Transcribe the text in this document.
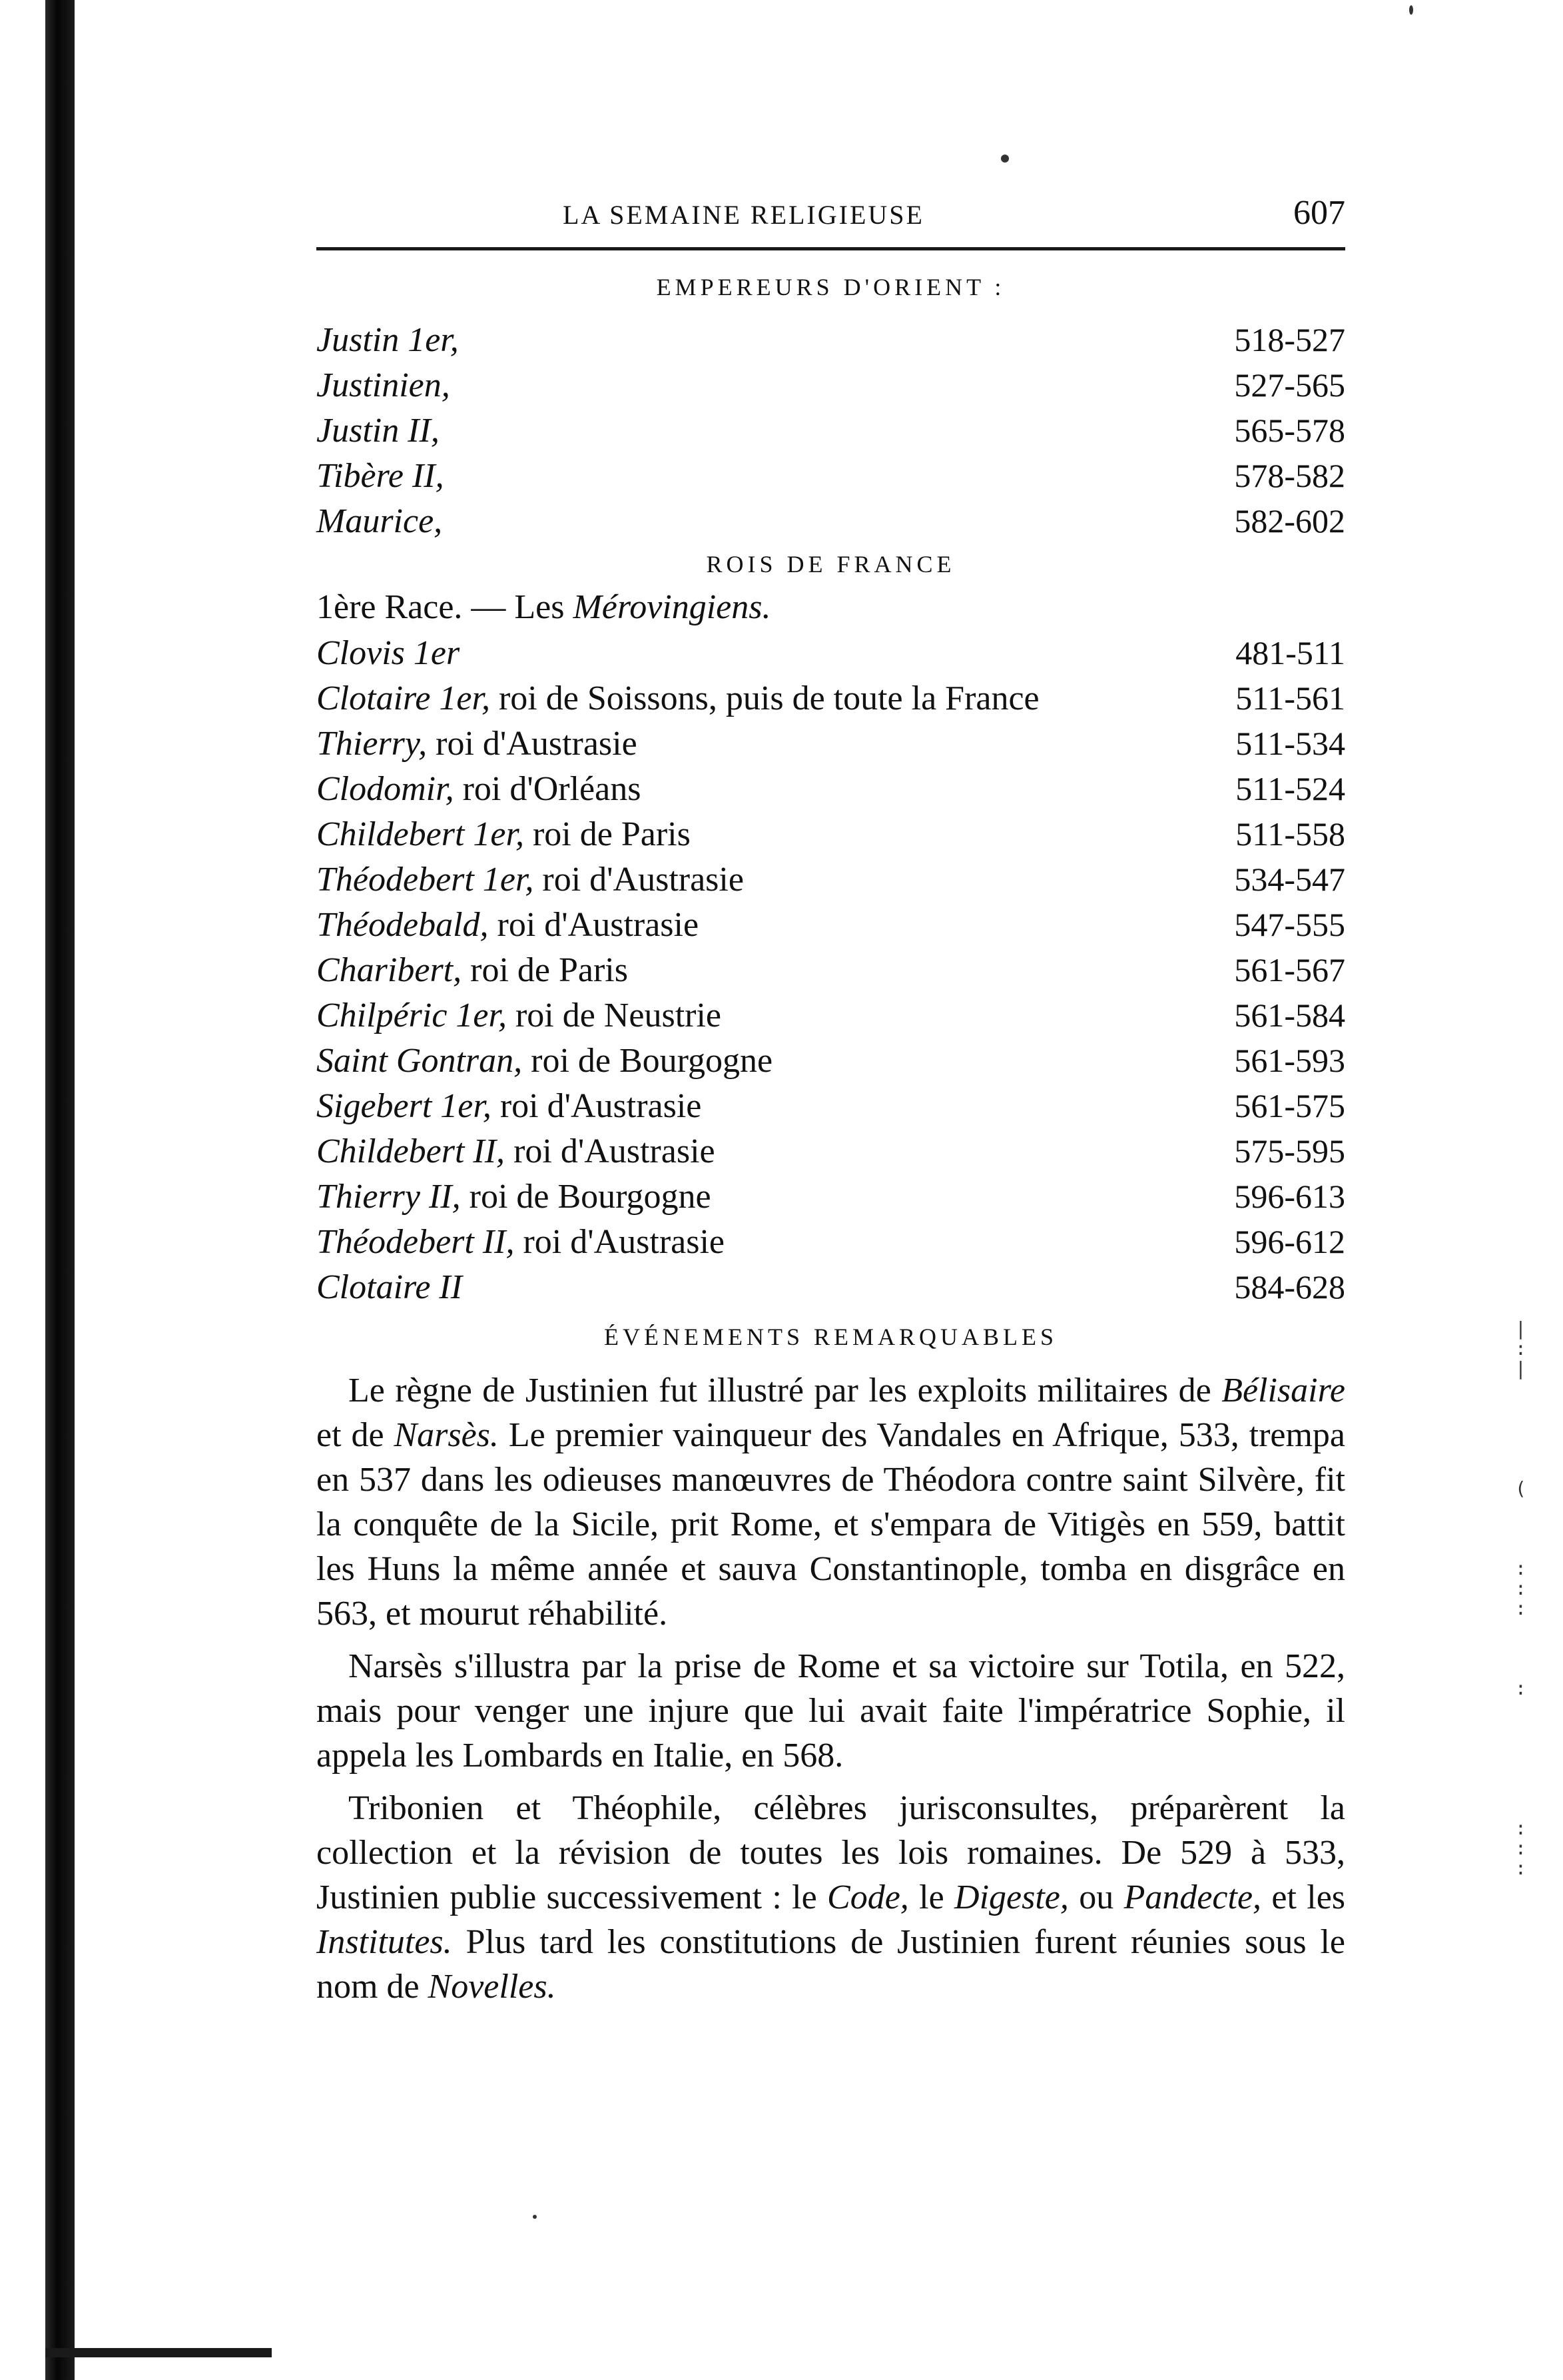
|
:
|

(

:
:
:

:

:
:
:
LA SEMAINE RELIGIEUSE	607
EMPEREURS D'ORIENT :
Justin 1er,	518-527
Justinien,	527-565
Justin II,	565-578
Tibère II,	578-582
Maurice,	582-602
ROIS DE FRANCE
1ère Race. — Les Mérovingiens.
Clovis 1er	481-511
Clotaire 1er, roi de Soissons, puis de toute la France	511-561
Thierry, roi d'Austrasie	511-534
Clodomir, roi d'Orléans	511-524
Childebert 1er, roi de Paris	511-558
Théodebert 1er, roi d'Austrasie	534-547
Théodebald, roi d'Austrasie	547-555
Charibert, roi de Paris	561-567
Chilpéric 1er, roi de Neustrie	561-584
Saint Gontran, roi de Bourgogne	561-593
Sigebert 1er, roi d'Austrasie	561-575
Childebert II, roi d'Austrasie	575-595
Thierry II, roi de Bourgogne	596-613
Théodebert II, roi d'Austrasie	596-612
Clotaire II	584-628
ÉVÉNEMENTS REMARQUABLES

Le règne de Justinien fut illustré par les exploits militaires de Bélisaire et de Narsès. Le premier vainqueur des Vandales en Afrique, 533, trempa en 537 dans les odieuses manœuvres de Théodora contre saint Silvère, fit la conquête de la Sicile, prit Rome, et s'empara de Vitigès en 559, battit les Huns la même année et sauva Constantinople, tomba en disgrâce en 563, et mourut réhabilité.

Narsès s'illustra par la prise de Rome et sa victoire sur Totila, en 522, mais pour venger une injure que lui avait faite l'impératrice Sophie, il appela les Lombards en Italie, en 568.

Tribonien et Théophile, célèbres jurisconsultes, préparèrent la collection et la révision de toutes les lois romaines. De 529 à 533, Justinien publie successivement : le Code, le Digeste, ou Pandecte, et les Institutes. Plus tard les constitutions de Justinien furent réunies sous le nom de Novelles.
